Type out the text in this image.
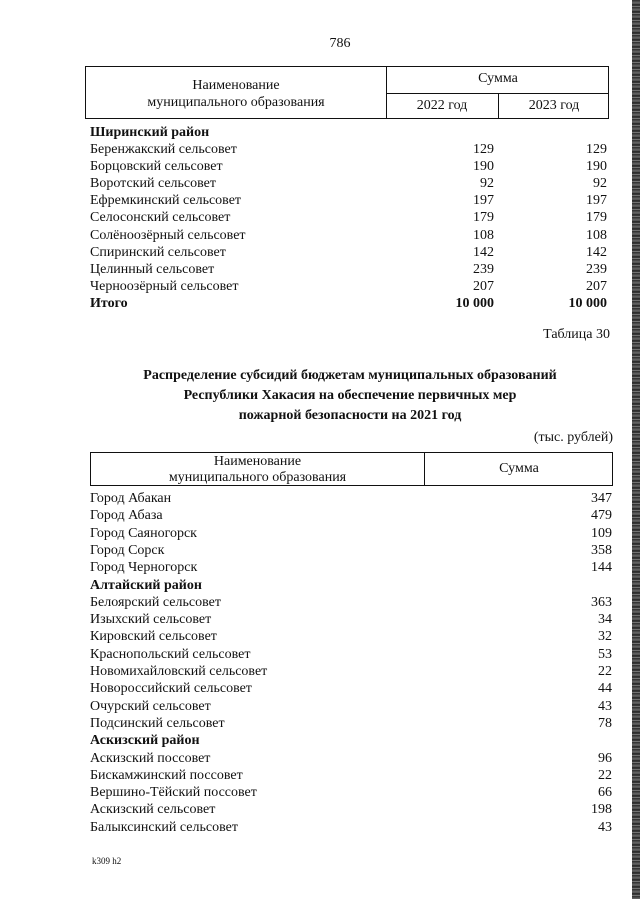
786
Наименование
муниципального образования
Сумма
2022 год	2023 год
Ширинский район
Беренжакский сельсовет	129	129
Борцовский сельсовет	190	190
Воротский сельсовет	92	92
Ефремкинский сельсовет	197	197
Селосонский сельсовет	179	179
Солёноозёрный сельсовет	108	108
Спиринский сельсовет	142	142
Целинный сельсовет	239	239
Черноозёрный сельсовет	207	207
Итого	10 000	10 000
Таблица 30
Распределение субсидий бюджетам муниципальных образований
Республики Хакасия на обеспечение первичных мер
пожарной безопасности на 2021 год
(тыс. рублей)
Наименование
муниципального образования
Сумма
Город Абакан	347
Город Абаза	479
Город Саяногорск	109
Город Сорск	358
Город Черногорск	144
Алтайский район
Белоярский сельсовет	363
Изыхский сельсовет	34
Кировский сельсовет	32
Краснопольский сельсовет	53
Новомихайловский сельсовет	22
Новороссийский сельсовет	44
Очурский сельсовет	43
Подсинский сельсовет	78
Аскизский район
Аскизский поссовет	96
Бискамжинский поссовет	22
Вершино-Тёйский поссовет	66
Аскизский сельсовет	198
Балыксинский сельсовет	43
k309 h2
